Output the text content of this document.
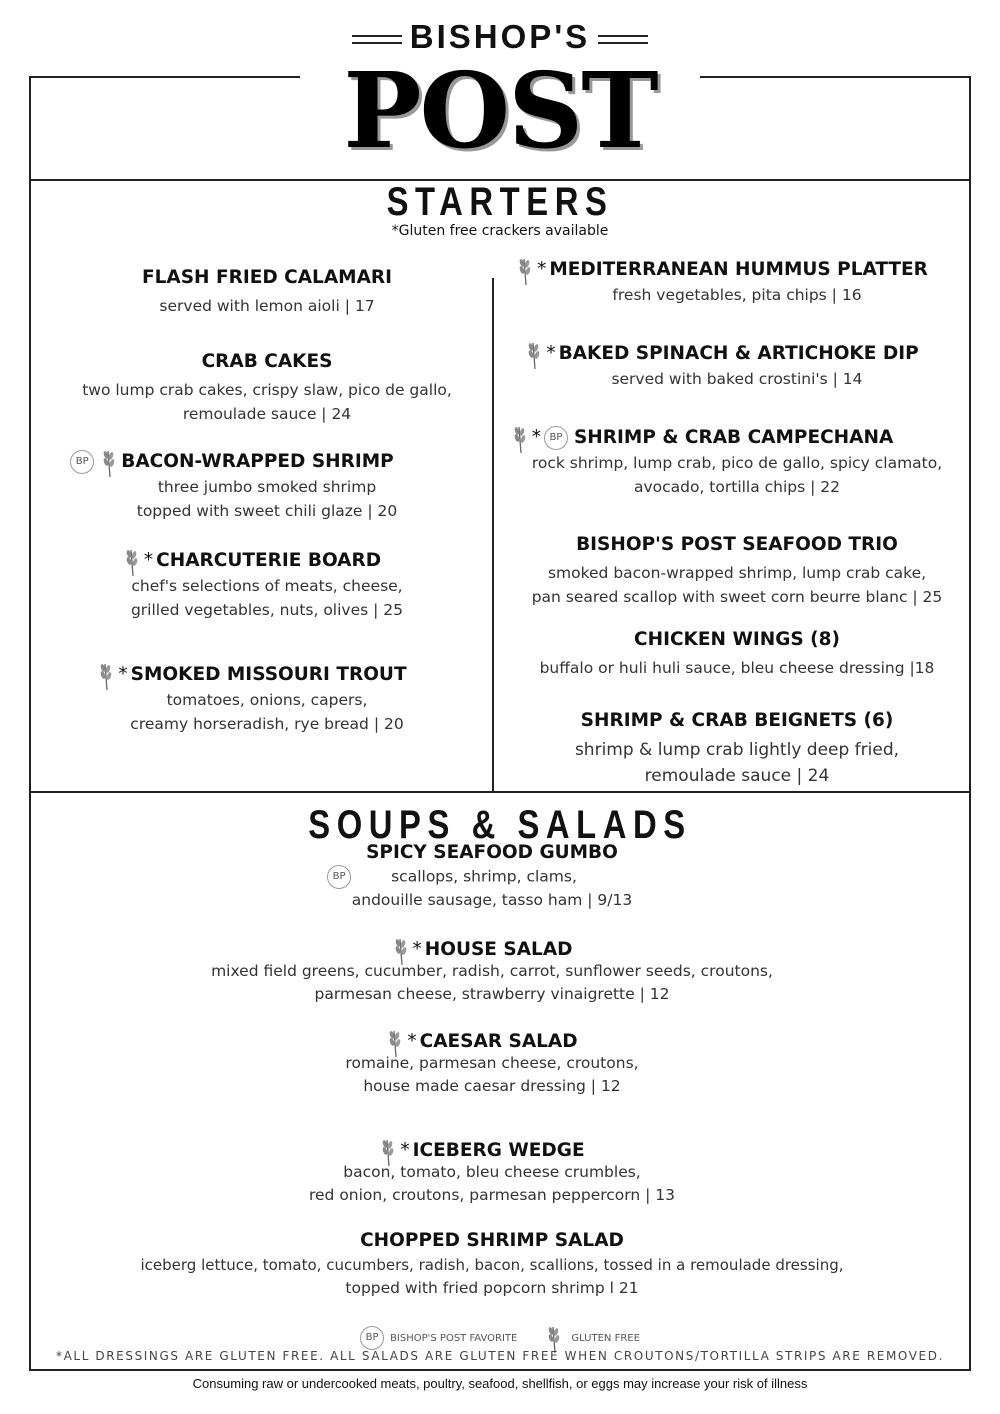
BISHOP'S
POST
STARTERS
*Gluten free crackers available
FLASH FRIED CALAMARI
served with lemon aioli | 17
CRAB CAKES
two lump crab cakes, crispy slaw, pico de gallo,
remoulade sauce | 24
BP BACON-WRAPPED SHRIMP
three jumbo smoked shrimp
topped with sweet chili glaze | 20
* CHARCUTERIE BOARD
chef's selections of meats, cheese,
grilled vegetables, nuts, olives | 25
* SMOKED MISSOURI TROUT
tomatoes, onions, capers,
creamy horseradish, rye bread | 20
* MEDITERRANEAN HUMMUS PLATTER
fresh vegetables, pita chips | 16
* BAKED SPINACH & ARTICHOKE DIP
served with baked crostini's | 14
* BP SHRIMP & CRAB CAMPECHANA
rock shrimp, lump crab, pico de gallo, spicy clamato,
avocado, tortilla chips | 22
BISHOP'S POST SEAFOOD TRIO
smoked bacon-wrapped shrimp, lump crab cake,
pan seared scallop with sweet corn beurre blanc | 25
CHICKEN WINGS (8)
buffalo or huli huli sauce, bleu cheese dressing |18
SHRIMP & CRAB BEIGNETS (6)
shrimp & lump crab lightly deep fried,
remoulade sauce | 24
SOUPS & SALADS
SPICY SEAFOOD GUMBO
BP	scallops, shrimp, clams,
andouille sausage, tasso ham | 9/13
* HOUSE SALAD
mixed field greens, cucumber, radish, carrot, sunflower seeds, croutons,
parmesan cheese, strawberry vinaigrette | 12
* CAESAR SALAD
romaine, parmesan cheese, croutons,
house made caesar dressing | 12
* ICEBERG WEDGE
bacon, tomato, bleu cheese crumbles,
red onion, croutons, parmesan peppercorn | 13
CHOPPED SHRIMP SALAD
iceberg lettuce, tomato, cucumbers, radish, bacon, scallions, tossed in a remoulade dressing,
topped with fried popcorn shrimp l 21
BP BISHOP'S POST FAVORITE	GLUTEN FREE
*ALL DRESSINGS ARE GLUTEN FREE. ALL SALADS ARE GLUTEN FREE WHEN CROUTONS/TORTILLA STRIPS ARE REMOVED.
Consuming raw or undercooked meats, poultry, seafood, shellfish, or eggs may increase your risk of illness
